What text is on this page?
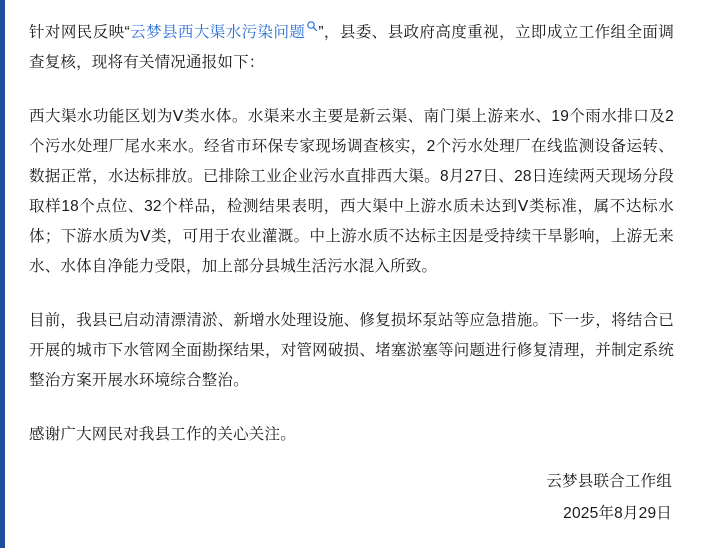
针对网民反映“云梦县西大渠水污染问题 ”，县委、县政府高度重视，立即成立工作组全面调查复核，现将有关情况通报如下：

西大渠水功能区划为Ⅴ类水体。水渠来水主要是新云渠、南门渠上游来水、19个雨水排口及2个污水处理厂尾水来水。经省市环保专家现场调查核实，2个污水处理厂在线监测设备运转、数据正常，水达标排放。已排除工业企业污水直排西大渠。8月27日、28日连续两天现场分段取样18个点位、32个样品，检测结果表明，西大渠中上游水质未达到Ⅴ类标准，属不达标水体；下游水质为Ⅴ类，可用于农业灌溉。中上游水质不达标主因是受持续干旱影响，上游无来水、水体自净能力受限，加上部分县城生活污水混入所致。

目前，我县已启动清漂清淤、新增水处理设施、修复损坏泵站等应急措施。下一步，将结合已开展的城市下水管网全面勘探结果，对管网破损、堵塞淤塞等问题进行修复清理，并制定系统整治方案开展水环境综合整治。

感谢广大网民对我县工作的关心关注。

云梦县联合工作组
2025年8月29日
